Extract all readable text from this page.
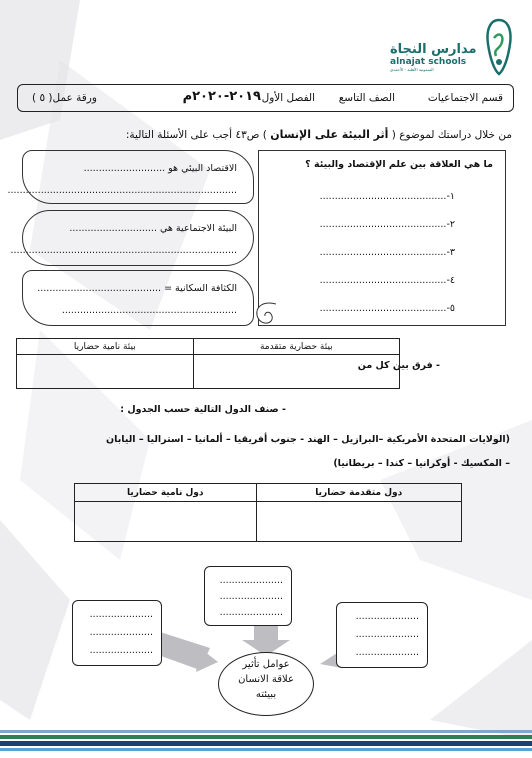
مدارس النجاة
alnajat schools
السمونية الأهلية - الأحمدي
قسم الاجتماعيات
الصف التاسع
الفصل الأول
٢٠١٩-٢٠٢٠م
ورقة عمل( ٥ )
من خلال دراستك لموضوع ( أثر البيئة على الإنسان ) ص٤٣ أجب على الأسئلة التالية:
الاقتصاد البيئي هو ...........................
............................................................................
البيئة الاجتماعية هي .............................
...........................................................................
الكثافة السكانية = .........................................
..........................................................
ما هي العلاقة بين علم الإقتصاد والبيئة ؟
١-..........................................
٢-..........................................
٣-..........................................
٤-..........................................
٥-..........................................
- فرق بين كل من
بيئة حضارية متقدمة	بيئة نامية حضاريا

- صنف الدول التالية حسب الجدول :
(الولايات المتحدة الأمريكية –البرازيل – الهند - جنوب أفريقيا – ألمانيا – استراليا – اليابان
– المكسيك - أوكرانيا – كندا – بريطانيا)
دول متقدمة حضاريا	دول نامية حضاريا

.....................
.....................
.....................
.....................
.....................
.....................	.....................
.....................
.....................
عوامل تأثير
علاقة الانسان
ببيئته
